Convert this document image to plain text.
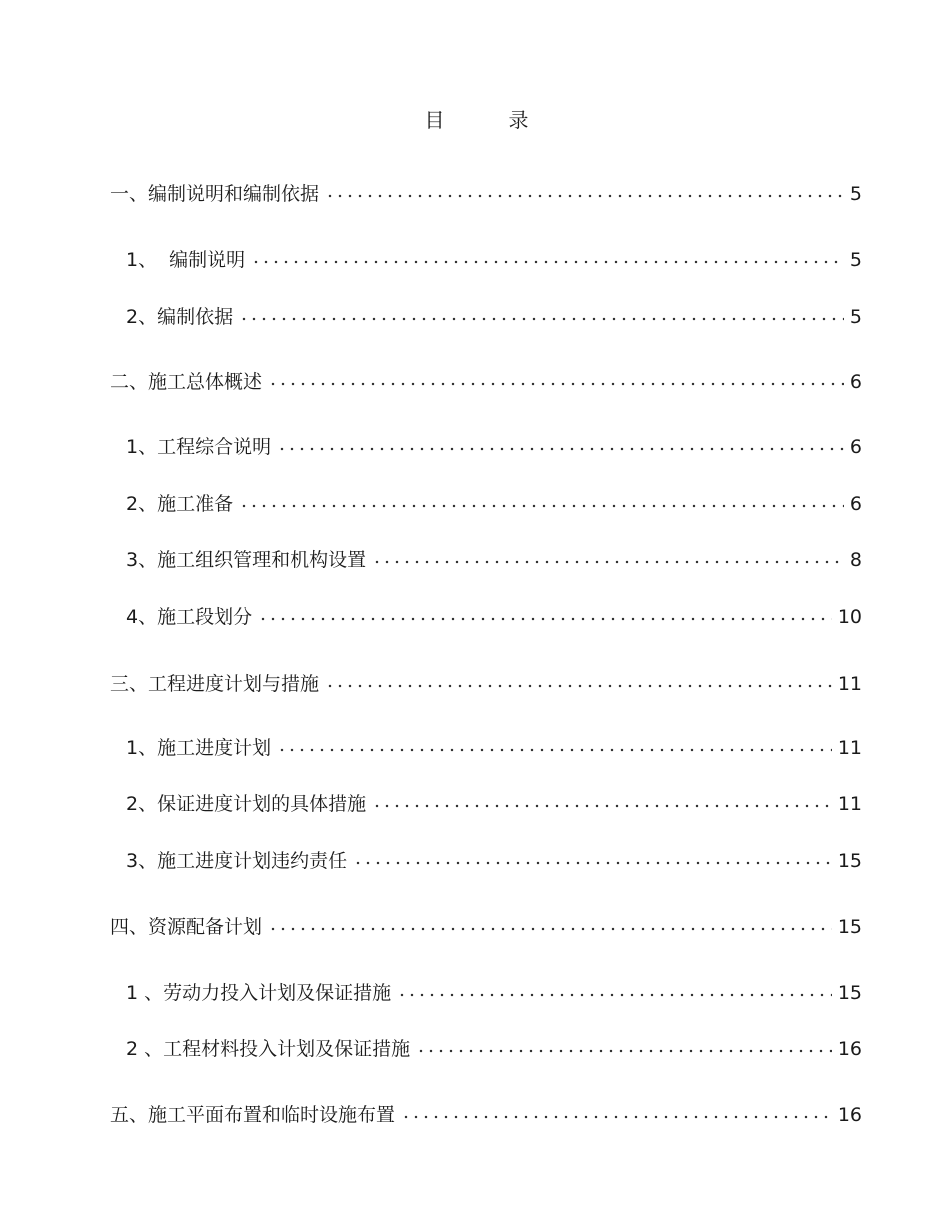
目　录
一、编制说明和编制依据	5
1、  编制说明	5
2、编制依据	5
二、施工总体概述	6
1、工程综合说明	6
2、施工准备	6
3、施工组织管理和机构设置	8
4、施工段划分	10
三、工程进度计划与措施	11
1、施工进度计划	11
2、保证进度计划的具体措施	11
3、施工进度计划违约责任	15
四、资源配备计划	15
1 、劳动力投入计划及保证措施	15
2 、工程材料投入计划及保证措施	16
五、施工平面布置和临时设施布置	16
